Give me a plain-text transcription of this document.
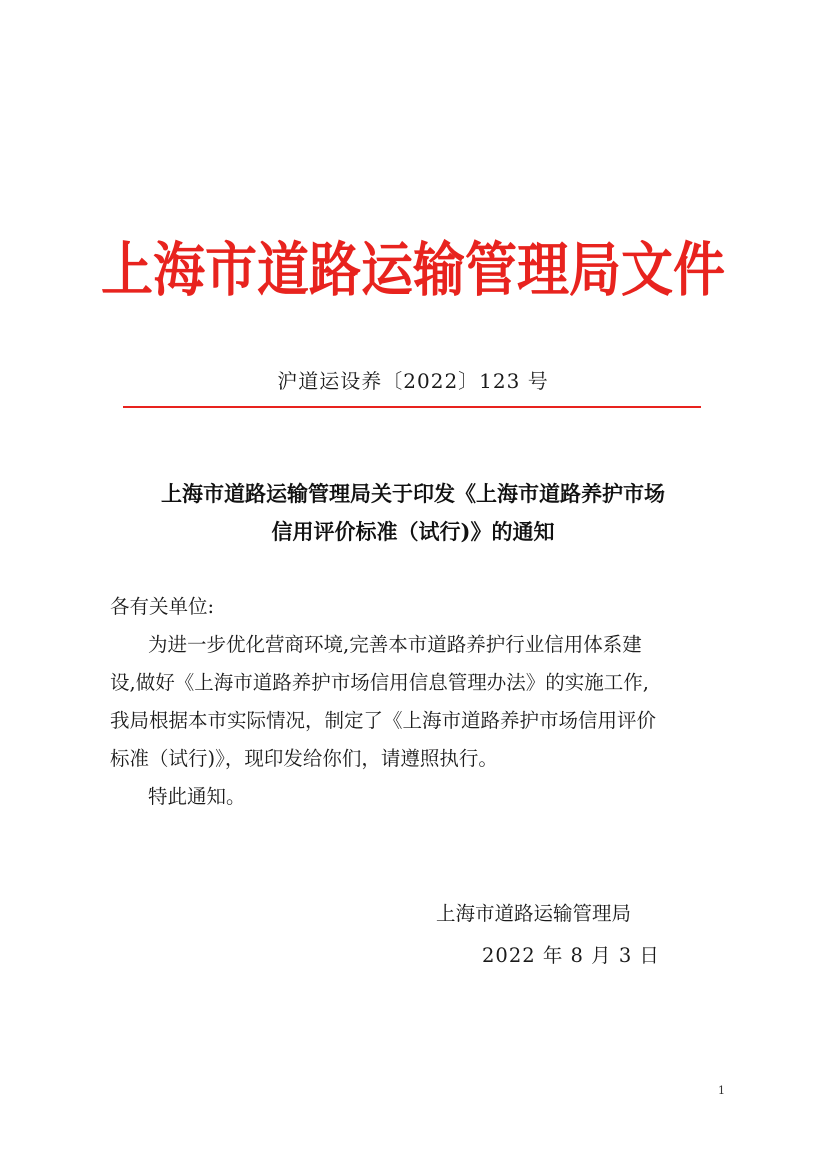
上海市道路运输管理局文件
沪道运设养〔2022〕123 号
上海市道路运输管理局关于印发《上海市道路养护市场
信用评价标准（试行)》的通知

各有关单位:

为进一步优化营商环境,完善本市道路养护行业信用体系建

设,做好《上海市道路养护市场信用信息管理办法》的实施工作,

我局根据本市实际情况，制定了《上海市道路养护市场信用评价

标准（试行)》，现印发给你们，请遵照执行。

特此通知。

上海市道路运输管理局
2022 年 8 月 3 日
1
